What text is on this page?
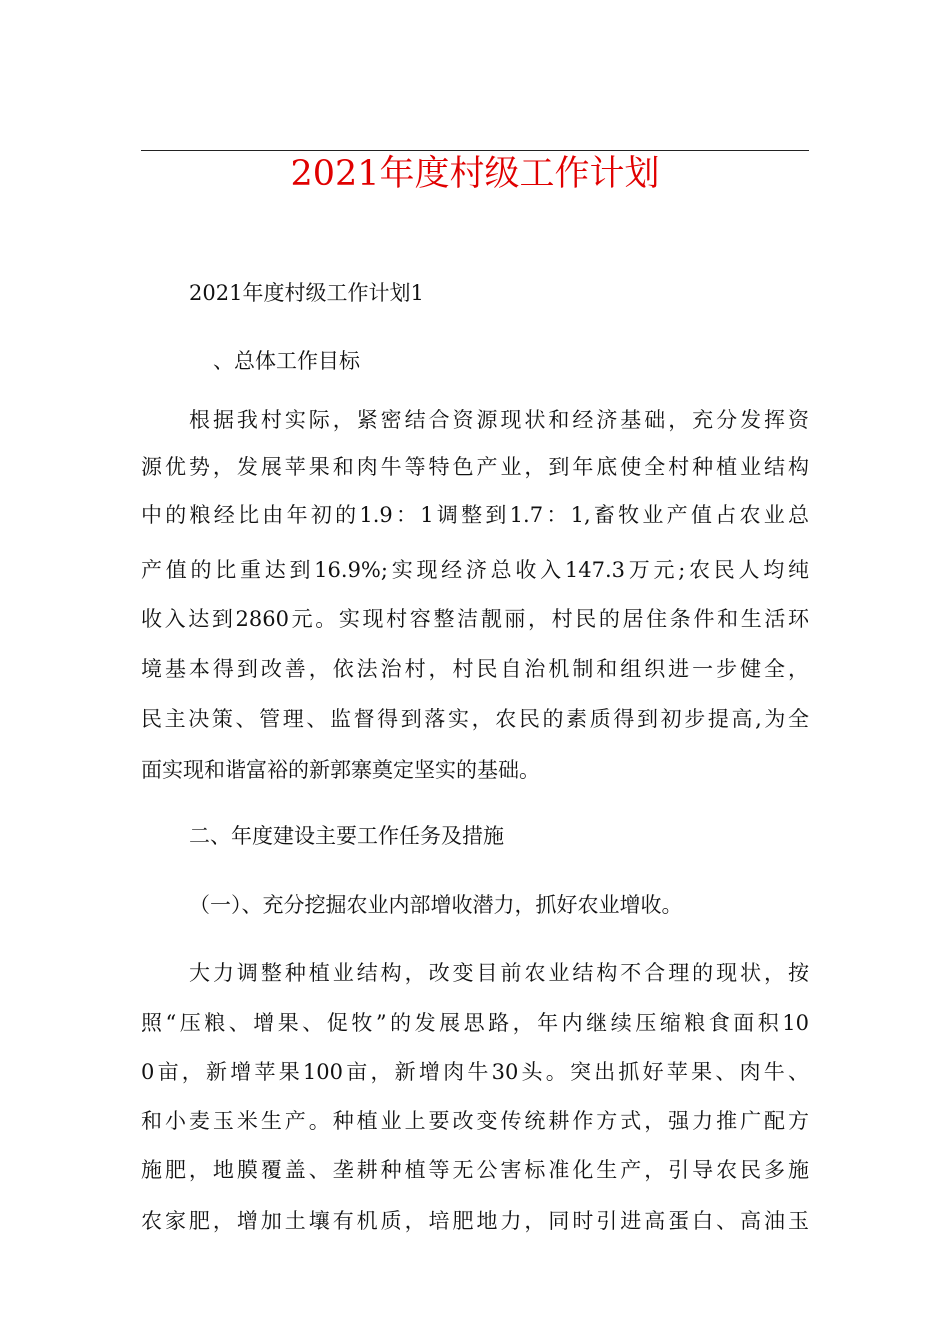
2021年度村级工作计划
2021年度村级工作计划1
、总体工作目标
根据我村实际，紧密结合资源现状和经济基础，充分发挥资
源优势，发展苹果和肉牛等特色产业，到年底使全村种植业结构
中的粮经比由年初的1.9：1调整到1.7：1,畜牧业产值占农业总
产值的比重达到16.9%;实现经济总收入147.3万元;农民人均纯
收入达到2860元。实现村容整洁靓丽，村民的居住条件和生活环
境基本得到改善，依法治村，村民自治机制和组织进一步健全，
民主决策、管理、监督得到落实，农民的素质得到初步提高,为全
面实现和谐富裕的新郭寨奠定坚实的基础。
二、年度建设主要工作任务及措施
（一）、充分挖掘农业内部增收潜力，抓好农业增收。
大力调整种植业结构，改变目前农业结构不合理的现状，按
照“压粮、增果、促牧”的发展思路，年内继续压缩粮食面积10
0亩，新增苹果100亩，新增肉牛30头。突出抓好苹果、肉牛、
和小麦玉米生产。种植业上要改变传统耕作方式，强力推广配方
施肥，地膜覆盖、垄耕种植等无公害标准化生产，引导农民多施
农家肥，增加土壤有机质，培肥地力，同时引进高蛋白、高油玉
